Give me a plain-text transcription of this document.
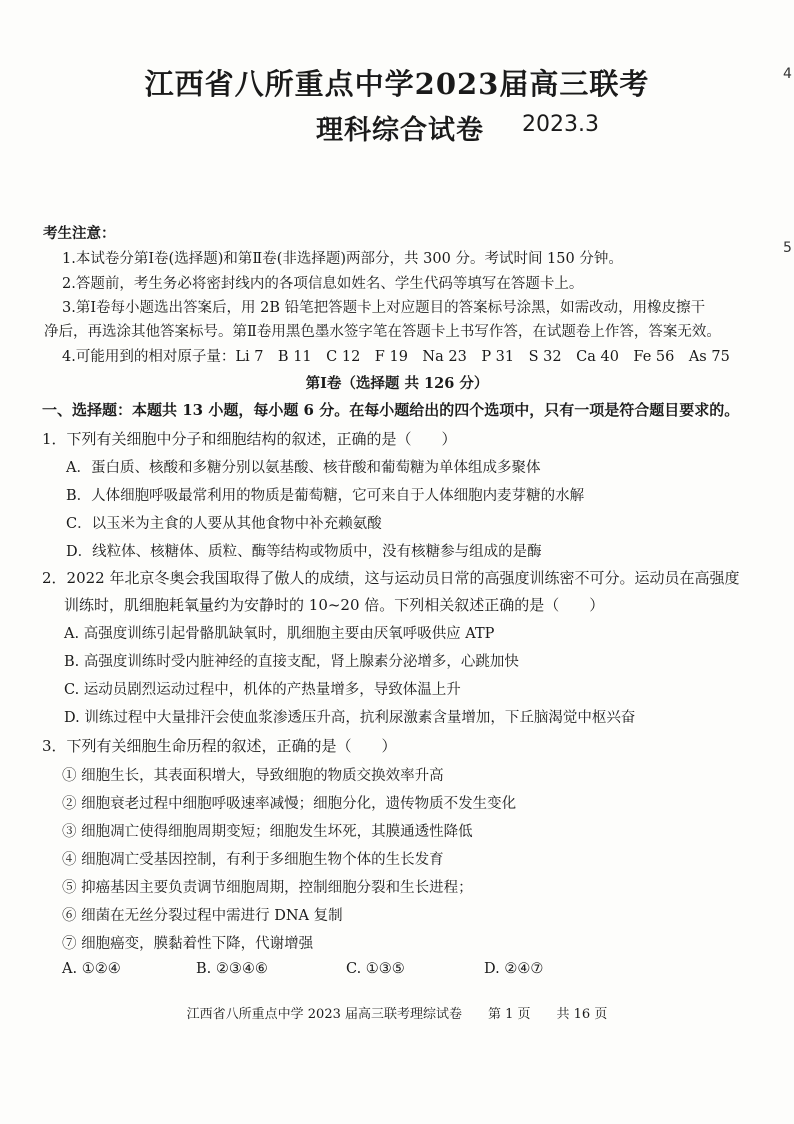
4
5
江西省八所重点中学2023届高三联考
理科综合试卷 2023.3
考生注意：
1.本试卷分第Ⅰ卷(选择题)和第Ⅱ卷(非选择题)两部分，共 300 分。考试时间 150 分钟。
2.答题前，考生务必将密封线内的各项信息如姓名、学生代码等填写在答题卡上。
3.第Ⅰ卷每小题选出答案后，用 2B 铅笔把答题卡上对应题目的答案标号涂黑，如需改动，用橡皮擦干
净后，再选涂其他答案标号。第Ⅱ卷用黑色墨水签字笔在答题卡上书写作答，在试题卷上作答，答案无效。
4.可能用到的相对原子量：Li 7　B 11　C 12　F 19　Na 23　P 31　S 32　Ca 40　Fe 56　As 75
第Ⅰ卷（选择题 共 126 分）
一、选择题：本题共 13 小题，每小题 6 分。在每小题给出的四个选项中，只有一项是符合题目要求的。
1．下列有关细胞中分子和细胞结构的叙述，正确的是（　　）
A．蛋白质、核酸和多糖分别以氨基酸、核苷酸和葡萄糖为单体组成多聚体
B．人体细胞呼吸最常利用的物质是葡萄糖，它可来自于人体细胞内麦芽糖的水解
C．以玉米为主食的人要从其他食物中补充赖氨酸
D．线粒体、核糖体、质粒、酶等结构或物质中，没有核糖参与组成的是酶
2．2022 年北京冬奥会我国取得了傲人的成绩，这与运动员日常的高强度训练密不可分。运动员在高强度
训练时，肌细胞耗氧量约为安静时的 10~20 倍。下列相关叙述正确的是（　　）
A. 高强度训练引起骨骼肌缺氧时，肌细胞主要由厌氧呼吸供应 ATP
B. 高强度训练时受内脏神经的直接支配，肾上腺素分泌增多，心跳加快
C. 运动员剧烈运动过程中，机体的产热量增多，导致体温上升
D. 训练过程中大量排汗会使血浆渗透压升高，抗利尿激素含量增加，下丘脑渴觉中枢兴奋
3．下列有关细胞生命历程的叙述，正确的是（　　）
① 细胞生长，其表面积增大，导致细胞的物质交换效率升高
② 细胞衰老过程中细胞呼吸速率减慢；细胞分化，遗传物质不发生变化
③ 细胞凋亡使得细胞周期变短；细胞发生坏死，其膜通透性降低
④ 细胞凋亡受基因控制，有利于多细胞生物个体的生长发育
⑤ 抑癌基因主要负责调节细胞周期，控制细胞分裂和生长进程；
⑥ 细菌在无丝分裂过程中需进行 DNA 复制
⑦ 细胞癌变，膜黏着性下降，代谢增强
A. ①②④	B. ②③④⑥	C. ①③⑤	D. ②④⑦
江西省八所重点中学 2023 届高三联考理综试卷　　第 1 页　　共 16 页
